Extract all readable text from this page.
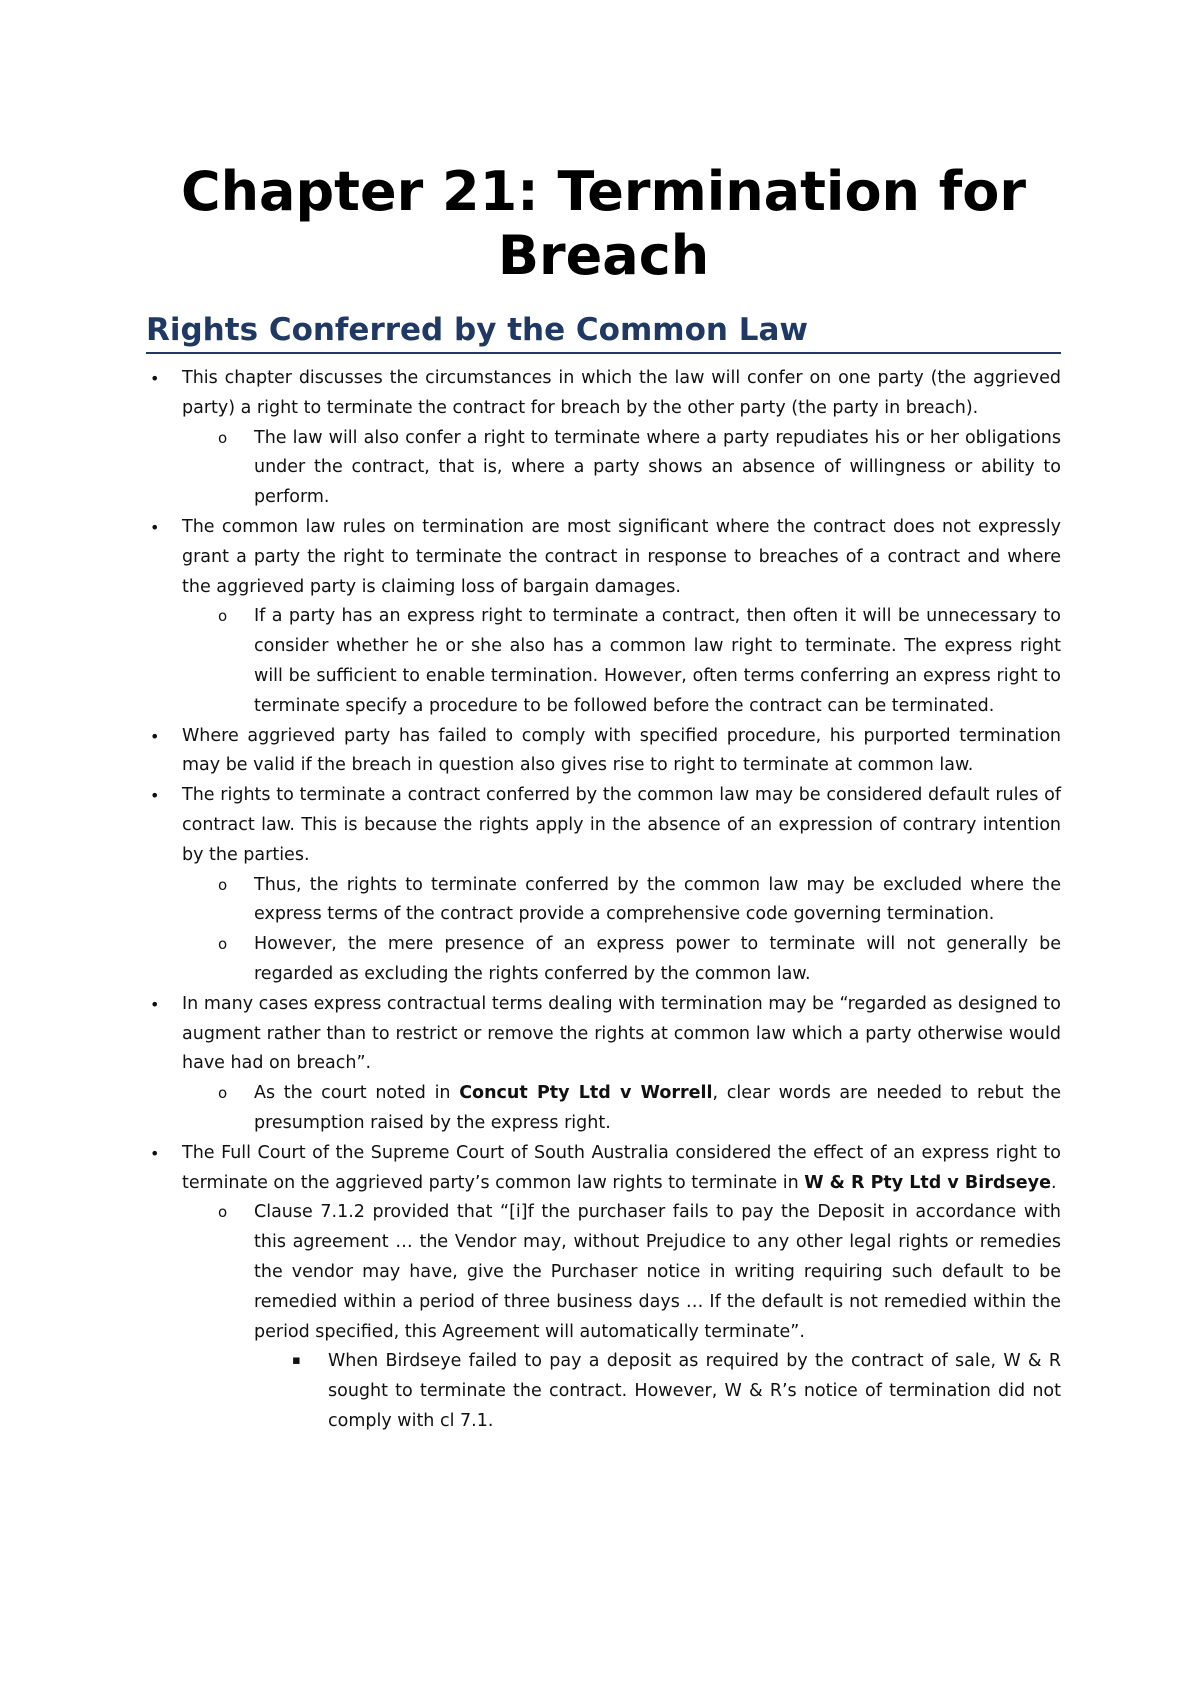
Chapter 21: Termination for Breach
Rights Conferred by the Common Law
• This chapter discusses the circumstances in which the law will confer on one party (the aggrieved party) a right to terminate the contract for breach by the other party (the party in breach).
o The law will also confer a right to terminate where a party repudiates his or her obligations under the contract, that is, where a party shows an absence of willingness or ability to perform.
• The common law rules on termination are most significant where the contract does not expressly grant a party the right to terminate the contract in response to breaches of a contract and where the aggrieved party is claiming loss of bargain damages.
o If a party has an express right to terminate a contract, then often it will be unnecessary to consider whether he or she also has a common law right to terminate. The express right will be sufficient to enable termination. However, often terms conferring an express right to terminate specify a procedure to be followed before the contract can be terminated.
• Where aggrieved party has failed to comply with specified procedure, his purported termination may be valid if the breach in question also gives rise to right to terminate at common law.
• The rights to terminate a contract conferred by the common law may be considered default rules of contract law. This is because the rights apply in the absence of an expression of contrary intention by the parties.
o Thus, the rights to terminate conferred by the common law may be excluded where the express terms of the contract provide a comprehensive code governing termination.
o However, the mere presence of an express power to terminate will not generally be regarded as excluding the rights conferred by the common law.
• In many cases express contractual terms dealing with termination may be “regarded as designed to augment rather than to restrict or remove the rights at common law which a party otherwise would have had on breach”.
o As the court noted in Concut Pty Ltd v Worrell, clear words are needed to rebut the presumption raised by the express right.
• The Full Court of the Supreme Court of South Australia considered the effect of an express right to terminate on the aggrieved party’s common law rights to terminate in W & R Pty Ltd v Birdseye.
o Clause 7.1.2 provided that “[i]f the purchaser fails to pay the Deposit in accordance with this agreement … the Vendor may, without Prejudice to any other legal rights or remedies the vendor may have, give the Purchaser notice in writing requiring such default to be remedied within a period of three business days … If the default is not remedied within the period specified, this Agreement will automatically terminate”.
▪ When Birdseye failed to pay a deposit as required by the contract of sale, W & R sought to terminate the contract. However, W & R’s notice of termination did not comply with cl 7.1.
